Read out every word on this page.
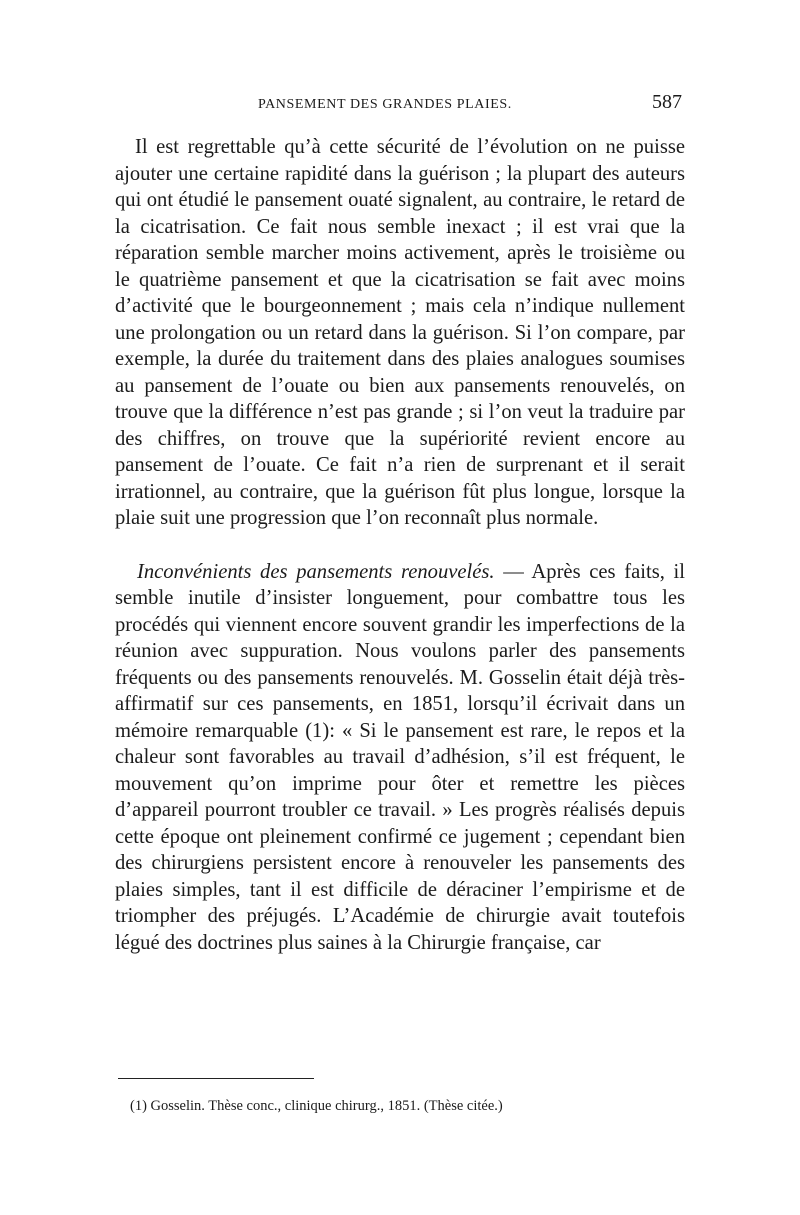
PANSEMENT DES GRANDES PLAIES.	587

Il est regrettable qu’à cette sécurité de l’évolution on ne puisse ajouter une certaine rapidité dans la guérison ; la plupart des auteurs qui ont étudié le pansement ouaté signalent, au contraire, le retard de la cicatrisation. Ce fait nous semble inexact ; il est vrai que la réparation semble marcher moins activement, après le troisième ou le quatrième pansement et que la cicatrisation se fait avec moins d’activité que le bourgeonnement ; mais cela n’indique nullement une prolongation ou un retard dans la guérison. Si l’on compare, par exemple, la durée du traitement dans des plaies analogues soumises au pansement de l’ouate ou bien aux pansements renouvelés, on trouve que la différence n’est pas grande ; si l’on veut la traduire par des chiffres, on trouve que la supériorité revient encore au pansement de l’ouate. Ce fait n’a rien de surprenant et il serait irrationnel, au contraire, que la guérison fût plus longue, lorsque la plaie suit une progression que l’on reconnaît plus normale.

Inconvénients des pansements renouvelés. — Après ces faits, il semble inutile d’insister longuement, pour combattre tous les procédés qui viennent encore souvent grandir les imperfections de la réunion avec suppuration. Nous voulons parler des pansements fréquents ou des pansements renouvelés. M. Gosselin était déjà très-affirmatif sur ces pansements, en 1851, lorsqu’il écrivait dans un mémoire remarquable (1): « Si le pansement est rare, le repos et la chaleur sont favorables au travail d’adhésion, s’il est fréquent, le mouvement qu’on imprime pour ôter et remettre les pièces d’appareil pourront troubler ce travail. » Les progrès réalisés depuis cette époque ont pleinement confirmé ce jugement ; cependant bien des chirurgiens persistent encore à renouveler les pansements des plaies simples, tant il est difficile de déraciner l’empirisme et de triompher des préjugés. L’Académie de chirurgie avait toutefois légué des doctrines plus saines à la Chirurgie française, car

(1) Gosselin. Thèse conc., clinique chirurg., 1851. (Thèse citée.)
